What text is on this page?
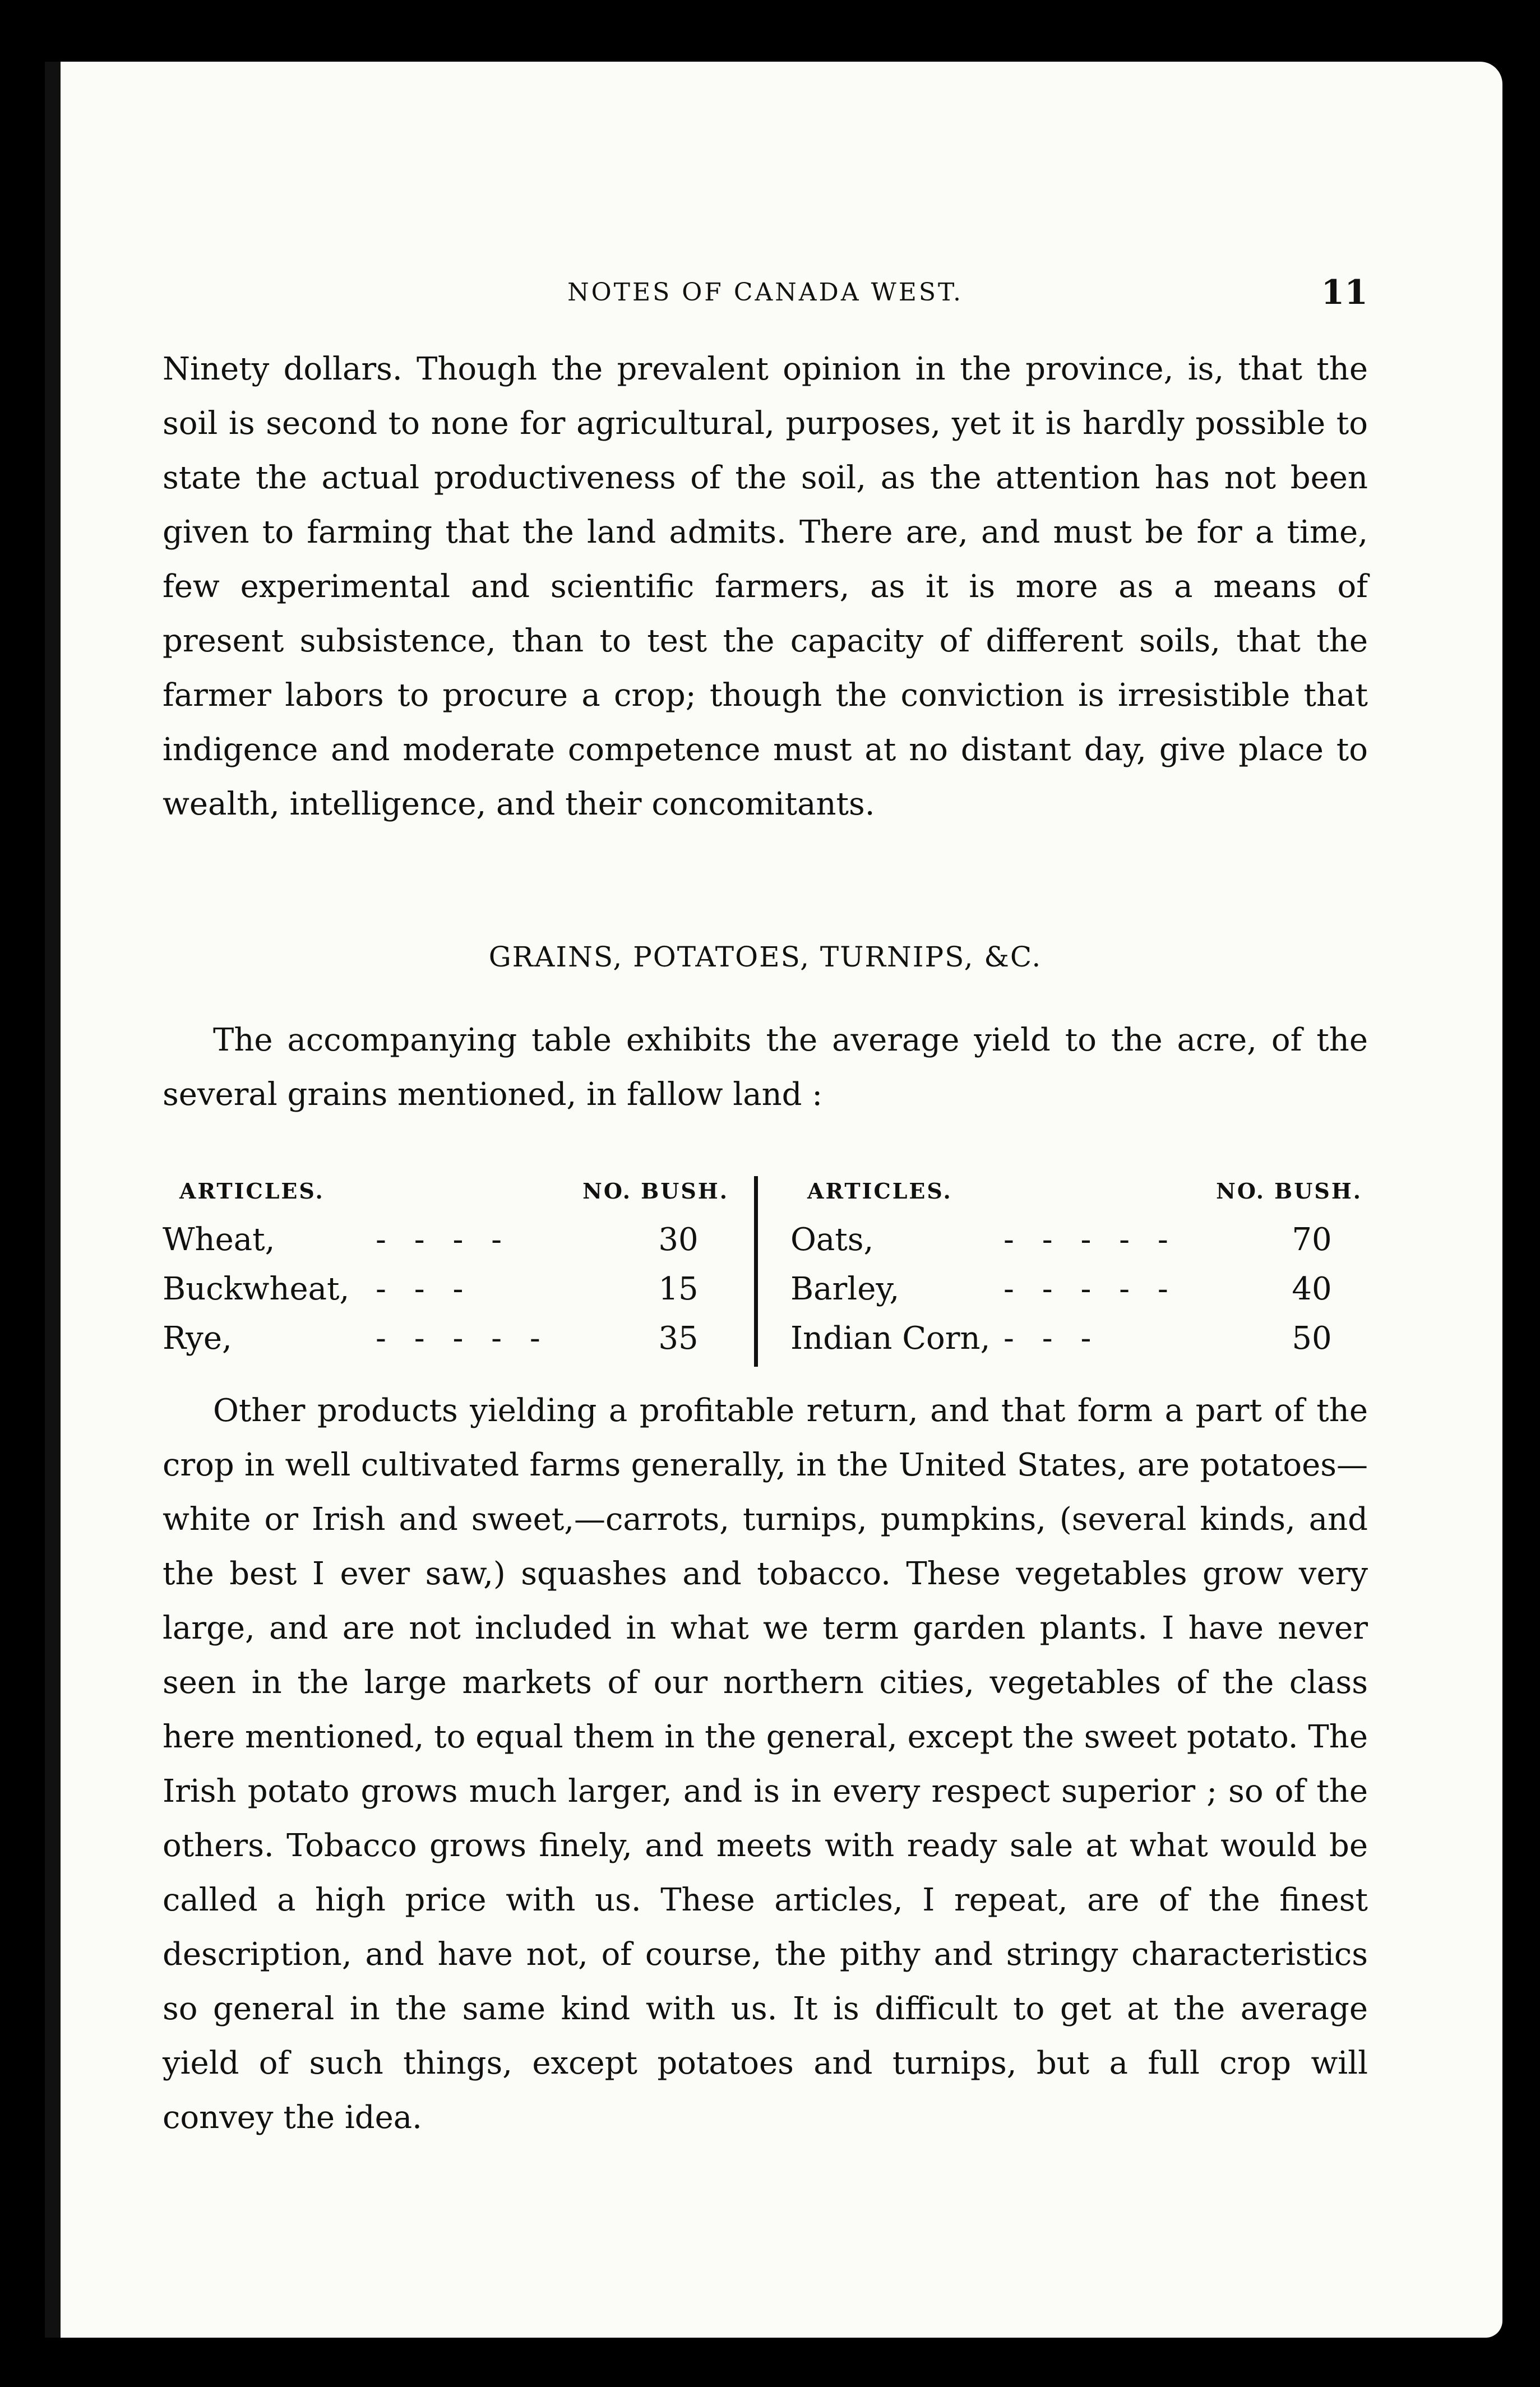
NOTES OF CANADA WEST.	11

Ninety dollars. Though the prevalent opinion in the province, is, that the soil is second to none for agricultural, purposes, yet it is hardly possible to state the actual productiveness of the soil, as the attention has not been given to farming that the land admits. There are, and must be for a time, few experimental and scientific farmers, as it is more as a means of present subsistence, than to test the capacity of different soils, that the farmer labors to procure a crop; though the conviction is irresistible that indigence and moderate competence must at no distant day, give place to wealth, intelligence, and their concomitants.

GRAINS, POTATOES, TURNIPS, &C.

The accompanying table exhibits the average yield to the acre, of the several grains mentioned, in fallow land :

ARTICLES.	NO. BUSH.
Wheat,	- - - -	30
Buckwheat, - - -	15
Rye,	- - - - -	35
ARTICLES.	NO. BUSH.
Oats,	- - - - -	70
Barley,	- - - - -	40
Indian Corn, - - -	50

Other products yielding a profitable return, and that form a part of the crop in well cultivated farms generally, in the United States, are potatoes—white or Irish and sweet,—carrots, turnips, pumpkins, (several kinds, and the best I ever saw,) squashes and tobacco. These vegetables grow very large, and are not included in what we term garden plants. I have never seen in the large markets of our northern cities, vegetables of the class here mentioned, to equal them in the general, except the sweet potato. The Irish potato grows much larger, and is in every respect superior ; so of the others. Tobacco grows finely, and meets with ready sale at what would be called a high price with us. These articles, I repeat, are of the finest description, and have not, of course, the pithy and stringy characteristics so general in the same kind with us. It is difficult to get at the average yield of such things, except potatoes and turnips, but a full crop will convey the idea.
